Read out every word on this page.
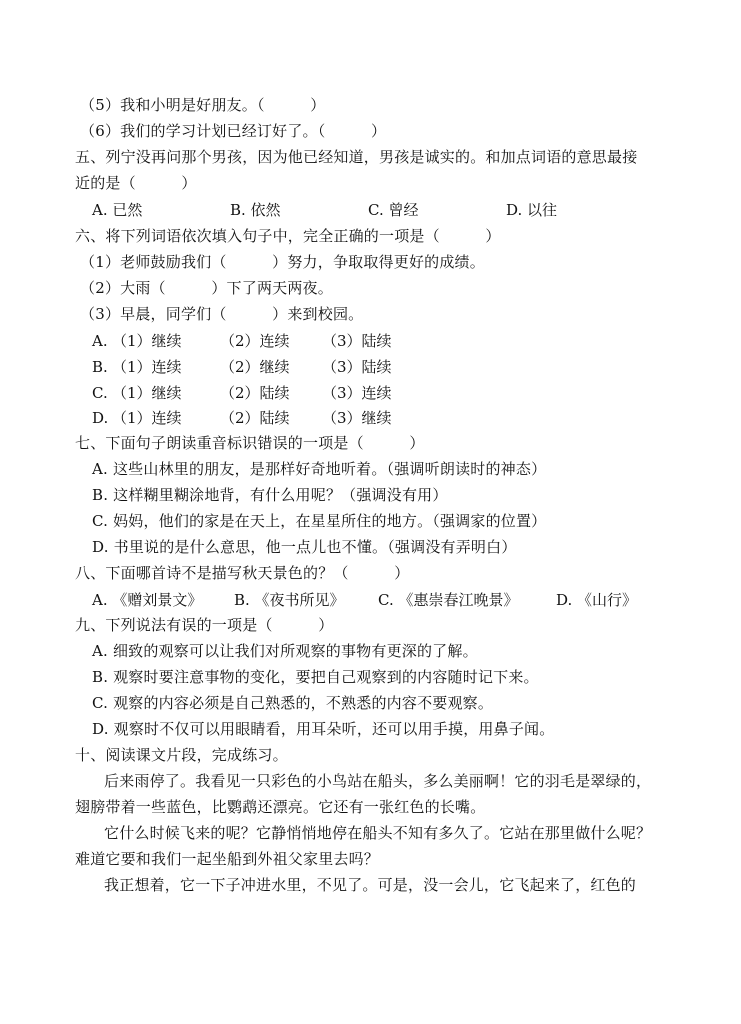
（5）我和小明是好朋友。（　　　）
（6）我们的学习计划已经订好了。（　　　）
五、列宁没再问那个男孩，因为他已经知道，男孩是诚实的。和加点词语的意思最接
近的是（　　　）
A. 已然	B. 依然	C. 曾经	D. 以往
六、将下列词语依次填入句子中，完全正确的一项是（　　　）
（1）老师鼓励我们（　　　）努力，争取取得更好的成绩。
（2）大雨（　　　）下了两天两夜。
（3）早晨，同学们（　　　）来到校园。
A. （1）继续	（2）连续 （3）陆续
B. （1）连续	（2）继续 （3）陆续
C. （1）继续	（2）陆续 （3）连续
D. （1）连续	（2）陆续 （3）继续
七、下面句子朗读重音标识错误的一项是（　　　）
A. 这些山林里的朋友，是那样好奇地听着。（强调听朗读时的神态）
B. 这样糊里糊涂地背，有什么用呢？（强调没有用）
C. 妈妈，他们的家是在天上，在星星所住的地方。（强调家的位置）
D. 书里说的是什么意思，他一点儿也不懂。（强调没有弄明白）
八、下面哪首诗不是描写秋天景色的？（　　　）
A. 《赠刘景文》 B. 《夜书所见》 C. 《惠崇春江晚景》	D. 《山行》
九、下列说法有误的一项是（　　　）
A. 细致的观察可以让我们对所观察的事物有更深的了解。
B. 观察时要注意事物的变化，要把自己观察到的内容随时记下来。
C. 观察的内容必须是自己熟悉的，不熟悉的内容不要观察。
D. 观察时不仅可以用眼睛看，用耳朵听，还可以用手摸，用鼻子闻。
十、阅读课文片段，完成练习。
后来雨停了。我看见一只彩色的小鸟站在船头，多么美丽啊！它的羽毛是翠绿的，
翅膀带着一些蓝色，比鹦鹉还漂亮。它还有一张红色的长嘴。
它什么时候飞来的呢？它静悄悄地停在船头不知有多久了。它站在那里做什么呢？
难道它要和我们一起坐船到外祖父家里去吗？
我正想着，它一下子冲进水里，不见了。可是，没一会儿，它飞起来了，红色的
